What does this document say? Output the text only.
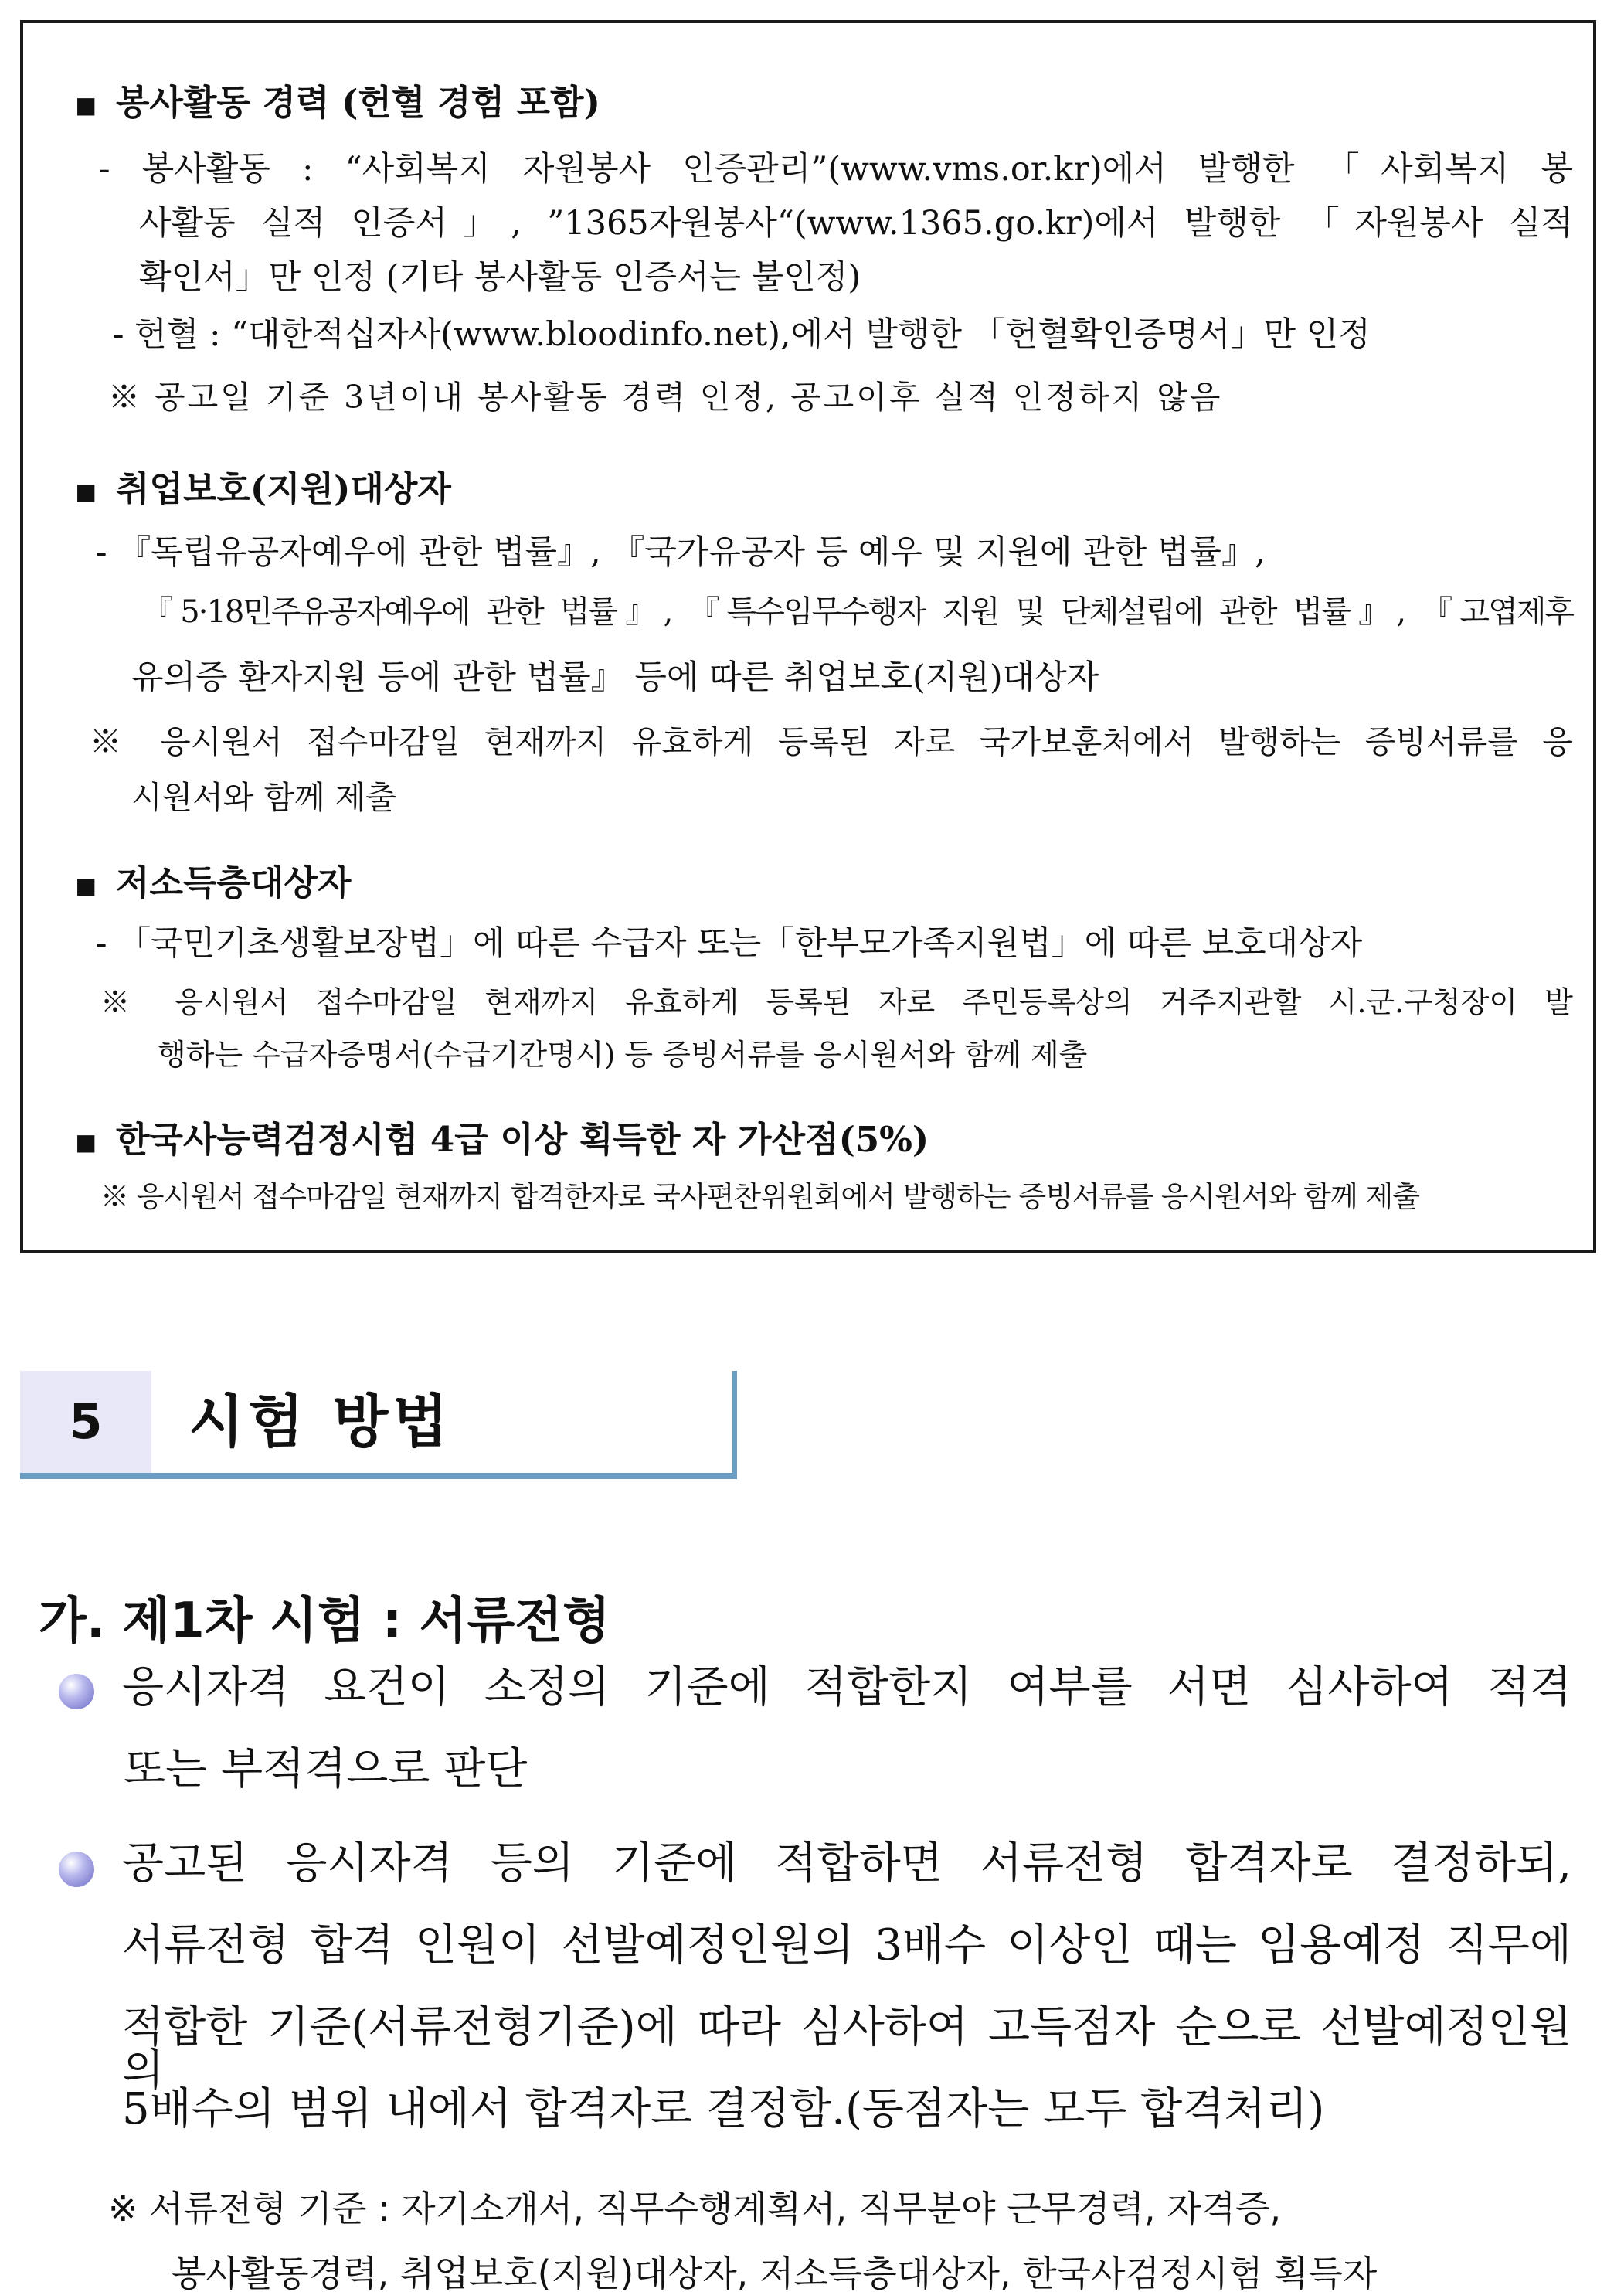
▪ 봉사활동 경력 (헌혈 경험 포함)
- 봉사활동 : “사회복지 자원봉사 인증관리”(www.vms.or.kr)에서 발행한 「사회복지 봉
사활동 실적 인증서」, ”1365자원봉사“(www.1365.go.kr)에서 발행한 「자원봉사 실적
확인서」만 인정 (기타 봉사활동 인증서는 불인정)
- 헌혈 : “대한적십자사(www.bloodinfo.net),에서 발행한 「헌혈확인증명서」만 인정
※ 공고일 기준 3년이내 봉사활동 경력 인정, 공고이후 실적 인정하지 않음
▪ 취업보호(지원)대상자
- 『독립유공자예우에 관한 법률』, 『국가유공자 등 예우 및 지원에 관한 법률』,
『5·18민주유공자예우에 관한 법률』, 『특수임무수행자 지원 및 단체설립에 관한 법률』, 『고엽제후
유의증 환자지원 등에 관한 법률』 등에 따른 취업보호(지원)대상자
※ 응시원서 접수마감일 현재까지 유효하게 등록된 자로 국가보훈처에서 발행하는 증빙서류를 응
시원서와 함께 제출
▪ 저소득층대상자
- 「국민기초생활보장법」에 따른 수급자 또는「한부모가족지원법」에 따른 보호대상자
※ 응시원서 접수마감일 현재까지 유효하게 등록된 자로 주민등록상의 거주지관할 시.군.구청장이 발
행하는 수급자증명서(수급기간명시) 등 증빙서류를 응시원서와 함께 제출
▪ 한국사능력검정시험 4급 이상 획득한 자 가산점(5%)
※ 응시원서 접수마감일 현재까지 합격한자로 국사편찬위원회에서 발행하는 증빙서류를 응시원서와 함께 제출
5	시험 방법
가. 제1차 시험 : 서류전형
응시자격 요건이 소정의 기준에 적합한지 여부를 서면 심사하여 적격
또는 부적격으로 판단
공고된 응시자격 등의 기준에 적합하면 서류전형 합격자로 결정하되,
서류전형 합격 인원이 선발예정인원의 3배수 이상인 때는 임용예정 직무에
적합한 기준(서류전형기준)에 따라 심사하여 고득점자 순으로 선발예정인원의
5배수의 범위 내에서 합격자로 결정함.(동점자는 모두 합격처리)
※ 서류전형 기준 : 자기소개서, 직무수행계획서, 직무분야 근무경력, 자격증,
봉사활동경력, 취업보호(지원)대상자, 저소득층대상자, 한국사검정시험 획득자
